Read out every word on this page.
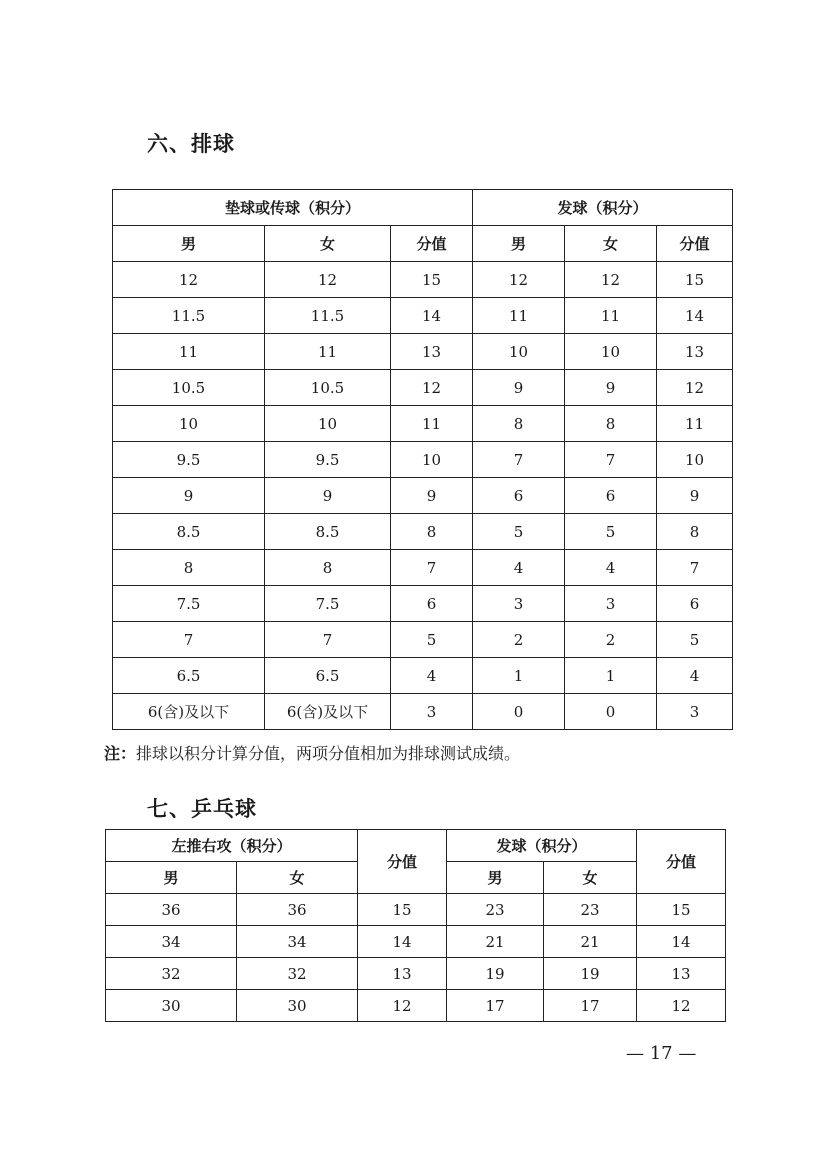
六、排球
垫球或传球（积分）			发球（积分）		
男	女	分值	男	女	分值
12	12	15	12	12	15
11.5	11.5	14	11	11	14
11	11	13	10	10	13
10.5	10.5	12	9	9	12
10	10	11	8	8	11
9.5	9.5	10	7	7	10
9	9	9	6	6	9
8.5	8.5	8	5	5	8
8	8	7	4	4	7
7.5	7.5	6	3	3	6
7	7	5	2	2	5
6.5	6.5	4	1	1	4
6(含)及以下	6(含)及以下	3	0	0	3

注：排球以积分计算分值，两项分值相加为排球测试成绩。

七、乒乓球
左推右攻（积分）		分值	发球（积分）		分值
男	女		男	女	
36	36	15	23	23	15
34	34	14	21	21	14
32	32	13	19	19	13
30	30	12	17	17	12
— 17 —
